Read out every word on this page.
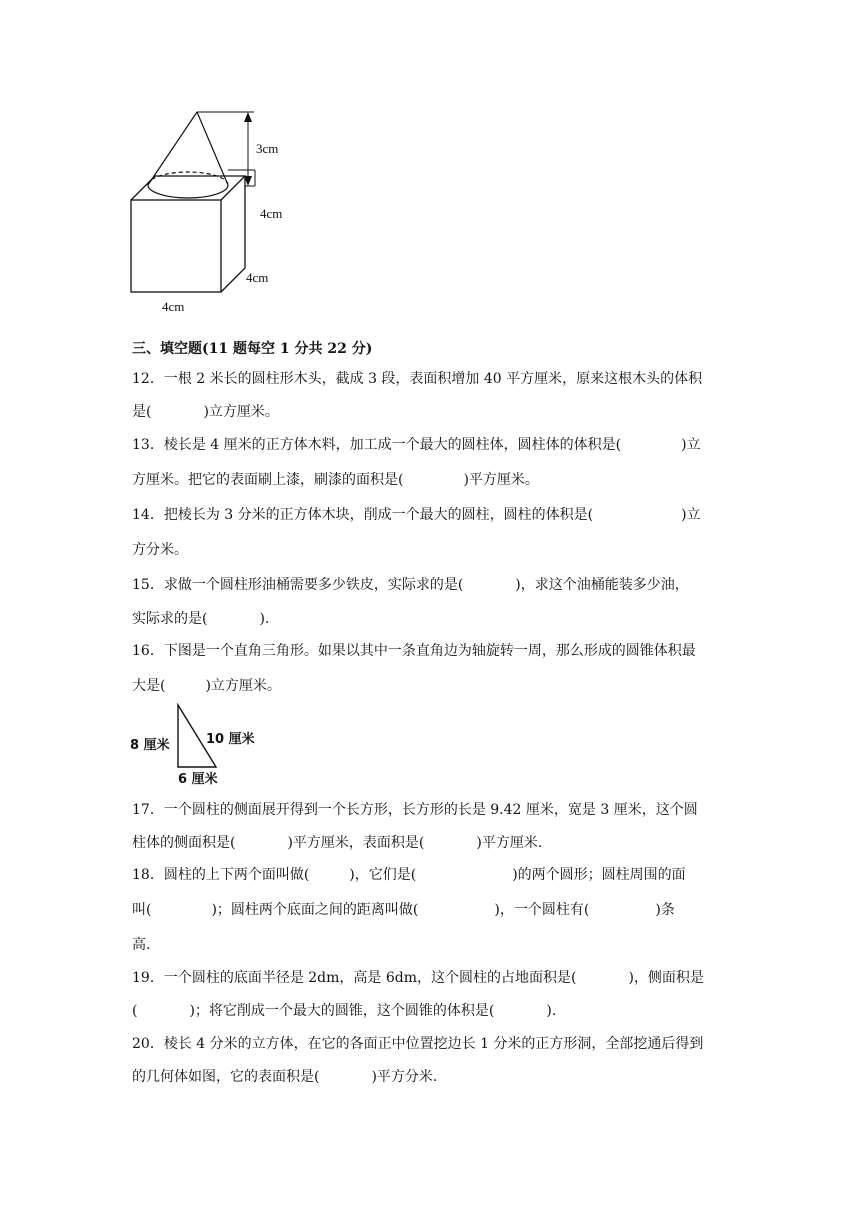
3cm
4cm
4cm
4cm
三、填空题(11 题每空 1 分共 22 分)

12．一根 2 米长的圆柱形木头，截成 3 段，表面积增加 40 平方厘米，原来这根木头的体积

是(	)立方厘米。

13．棱长是 4 厘米的正方体木料，加工成一个最大的圆柱体，圆柱体的体积是(	)立

方厘米。把它的表面刷上漆，刷漆的面积是(	)平方厘米。

14．把棱长为 3 分米的正方体木块，削成一个最大的圆柱，圆柱的体积是(	)立

方分米。

15．求做一个圆柱形油桶需要多少铁皮，实际求的是(	)，求这个油桶能装多少油，

实际求的是(	).

16．下图是一个直角三角形。如果以其中一条直角边为轴旋转一周，那么形成的圆锥体积最

大是(	)立方厘米。

8 厘米	10 厘米
6 厘米

17．一个圆柱的侧面展开得到一个长方形，长方形的长是 9.42 厘米，宽是 3 厘米，这个圆

柱体的侧面积是(	)平方厘米，表面积是(	)平方厘米.

18．圆柱的上下两个面叫做(	)，它们是(	)的两个圆形；圆柱周围的面

叫(	)；圆柱两个底面之间的距离叫做(	)，一个圆柱有(	)条

高.

19．一个圆柱的底面半径是 2dm，高是 6dm，这个圆柱的占地面积是(	)，侧面积是

(	)；将它削成一个最大的圆锥，这个圆锥的体积是(	).

20．棱长 4 分米的立方体，在它的各面正中位置挖边长 1 分米的正方形洞，全部挖通后得到

的几何体如图，它的表面积是(	)平方分米.
